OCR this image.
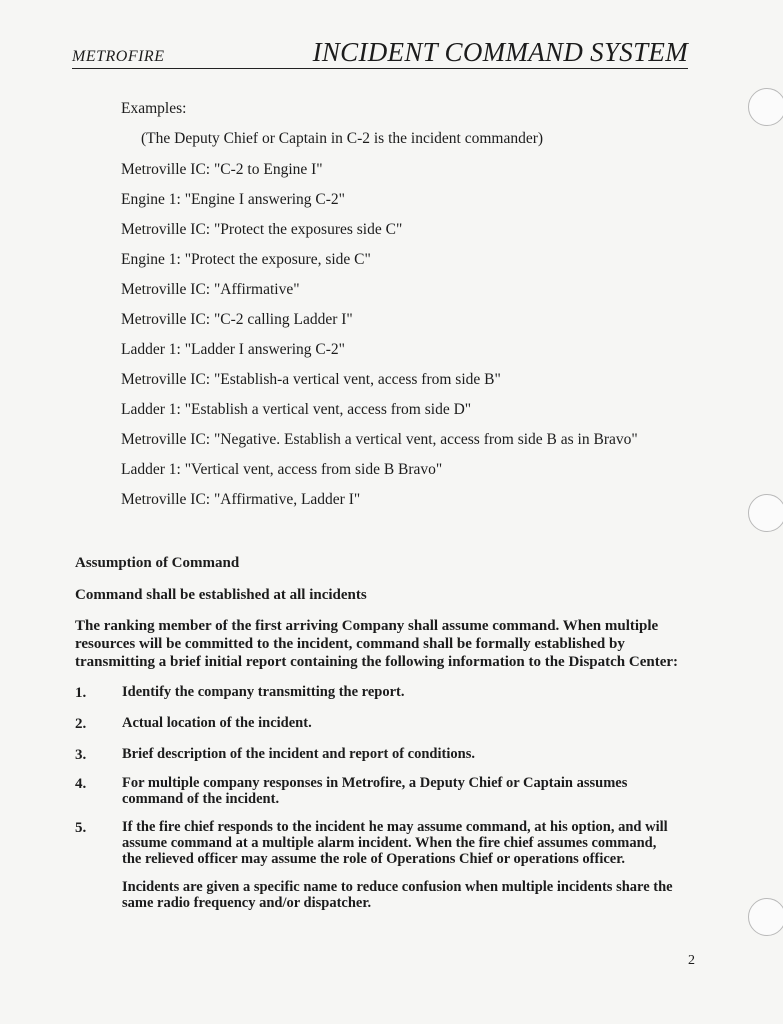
METROFIRE	INCIDENT COMMAND SYSTEM
Examples:
(The Deputy Chief or Captain in C-2 is the incident commander)
Metroville IC: "C-2 to Engine I"
Engine 1: "Engine I answering C-2"
Metroville IC: "Protect the exposures side C"
Engine 1: "Protect the exposure, side C"
Metroville IC: "Affirmative"
Metroville IC: "C-2 calling Ladder I"
Ladder 1: "Ladder I answering C-2"
Metroville IC: "Establish-a vertical vent, access from side B"
Ladder 1: "Establish a vertical vent, access from side D"
Metroville IC: "Negative. Establish a vertical vent, access from side B as in Bravo"
Ladder 1: "Vertical vent, access from side B Bravo"
Metroville IC: "Affirmative, Ladder I"
Assumption of Command
Command shall be established at all incidents
The ranking member of the first arriving Company shall assume command. When multiple
resources will be committed to the incident, command shall be formally established by
transmitting a brief initial report containing the following information to the Dispatch Center:
1. Identify the company transmitting the report.
2. Actual location of the incident.
3. Brief description of the incident and report of conditions.
4. For multiple company responses in Metrofire, a Deputy Chief or Captain assumes
command of the incident.
5. If the fire chief responds to the incident he may assume command, at his option, and will
assume command at a multiple alarm incident. When the fire chief assumes command,
the relieved officer may assume the role of Operations Chief or operations officer.
Incidents are given a specific name to reduce confusion when multiple incidents share the
same radio frequency and/or dispatcher.
2
